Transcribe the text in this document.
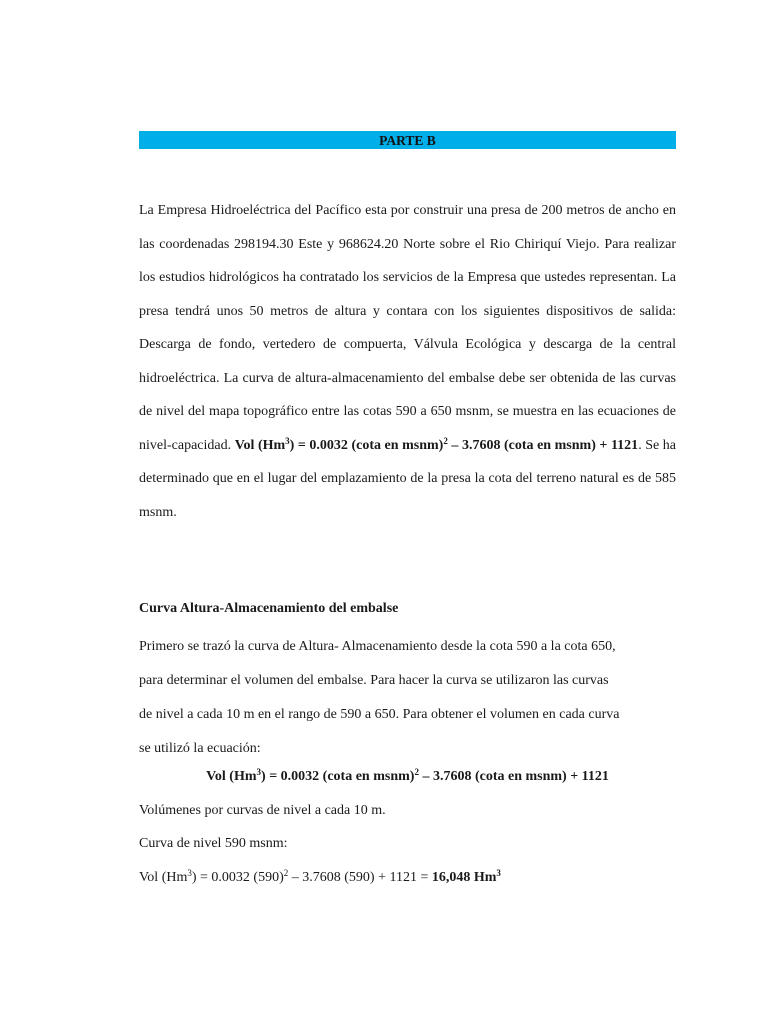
PARTE B

La Empresa Hidroeléctrica del Pacífico esta por construir una presa de 200 metros de ancho en las coordenadas 298194.30 Este y 968624.20 Norte sobre el Rio Chiriquí Viejo. Para realizar los estudios hidrológicos ha contratado los servicios de la Empresa que ustedes representan. La presa tendrá unos 50 metros de altura y contara con los siguientes dispositivos de salida: Descarga de fondo, vertedero de compuerta, Válvula Ecológica y descarga de la central hidroeléctrica. La curva de altura-almacenamiento del embalse debe ser obtenida de las curvas de nivel del mapa topográfico entre las cotas 590 a 650 msnm, se muestra en las ecuaciones de nivel-capacidad. Vol $(Hm^3) = 0.0032$ (cota en msnm)$^2$ – 3.7608 (cota en msnm) + 1121. Se ha determinado que en el lugar del emplazamiento de la presa la cota del terreno natural es de 585 msnm.

Curva Altura-Almacenamiento del embalse

Primero se trazó la curva de Altura- Almacenamiento desde la cota 590 a la cota 650,
para determinar el volumen del embalse. Para hacer la curva se utilizaron las curvas
de nivel a cada 10 m en el rango de 590 a 650. Para obtener el volumen en cada curva
se utilizó la ecuación:

Vol $(Hm^3) = 0.0032$ (cota en msnm)$^2$ – 3.7608 (cota en msnm) + 1121

Volúmenes por curvas de nivel a cada 10 m.

Curva de nivel 590 msnm:

Vol $(Hm^3) = 0.0032$ $(590)^2 - 3.7608$ (590) + 1121 = 16,048 Hm$^3$
